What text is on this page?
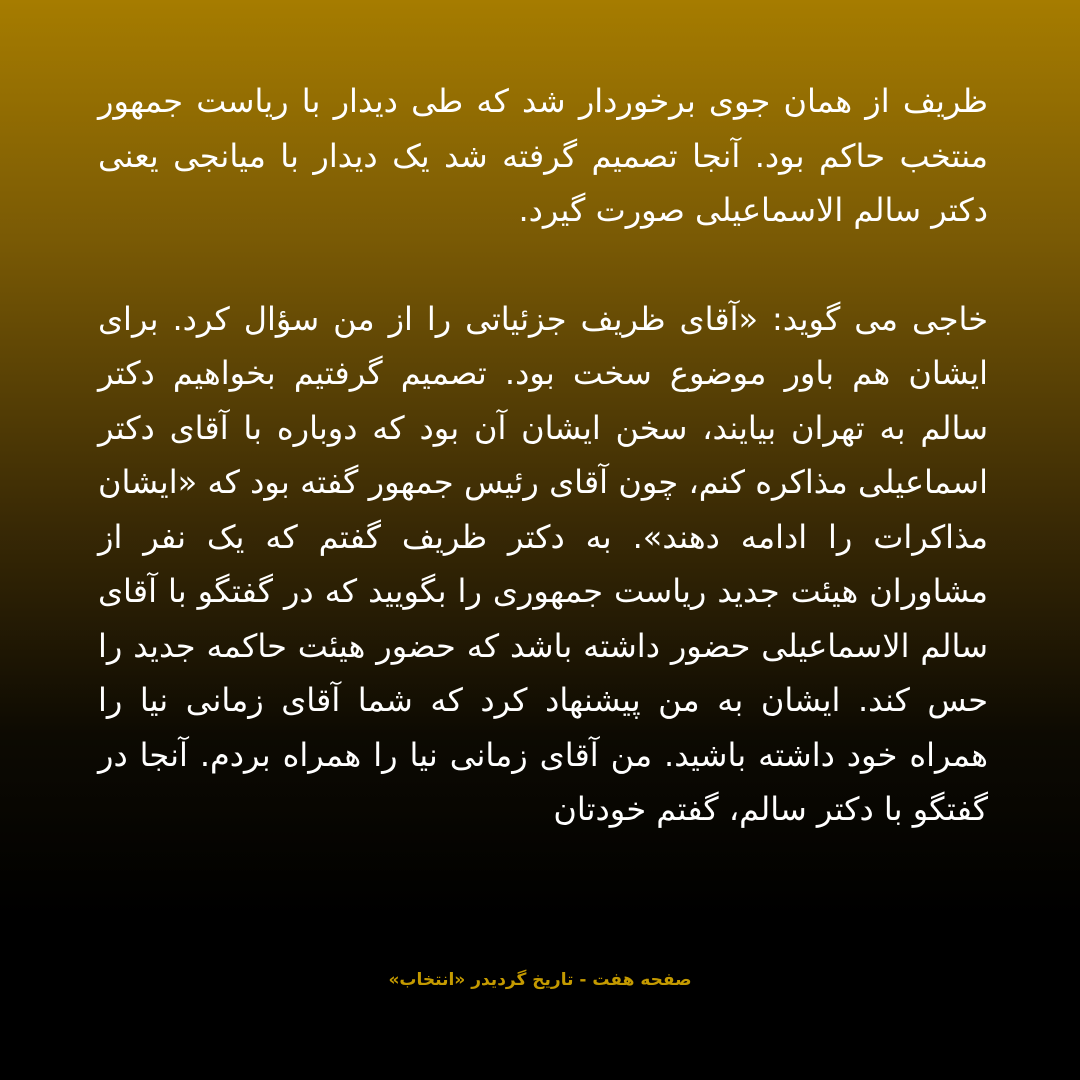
ظریف از همان جوی برخوردار شد که طی دیدار با ریاست جمهور منتخب حاکم بود. آنجا تصمیم گرفته شد یک دیدار با میانجی یعنی دکتر سالم الاسماعیلی صورت گیرد.

خاجی می گوید: «آقای ظریف جزئیاتی را از من سؤال کرد. برای ایشان هم باور موضوع سخت بود. تصمیم گرفتیم بخواهیم دکتر سالم به تهران بیایند، سخن ایشان آن بود که دوباره با آقای دکتر اسماعیلی مذاکره کنم، چون آقای رئیس جمهور گفته بود که «ایشان مذاکرات را ادامه دهند». به دکتر ظریف گفتم که یک نفر از مشاوران هیئت جدید ریاست جمهوری را بگویید که در گفتگو با آقای سالم الاسماعیلی حضور داشته باشد که حضور هیئت حاکمه جدید را حس کند. ایشان به من پیشنهاد کرد که شما آقای زمانی نیا را همراه خود داشته باشید. من آقای زمانی نیا را همراه بردم. آنجا در گفتگو با دکتر سالم، گفتم خودتان

صفحه هفت - تاریخ گردیدر «انتخاب»
